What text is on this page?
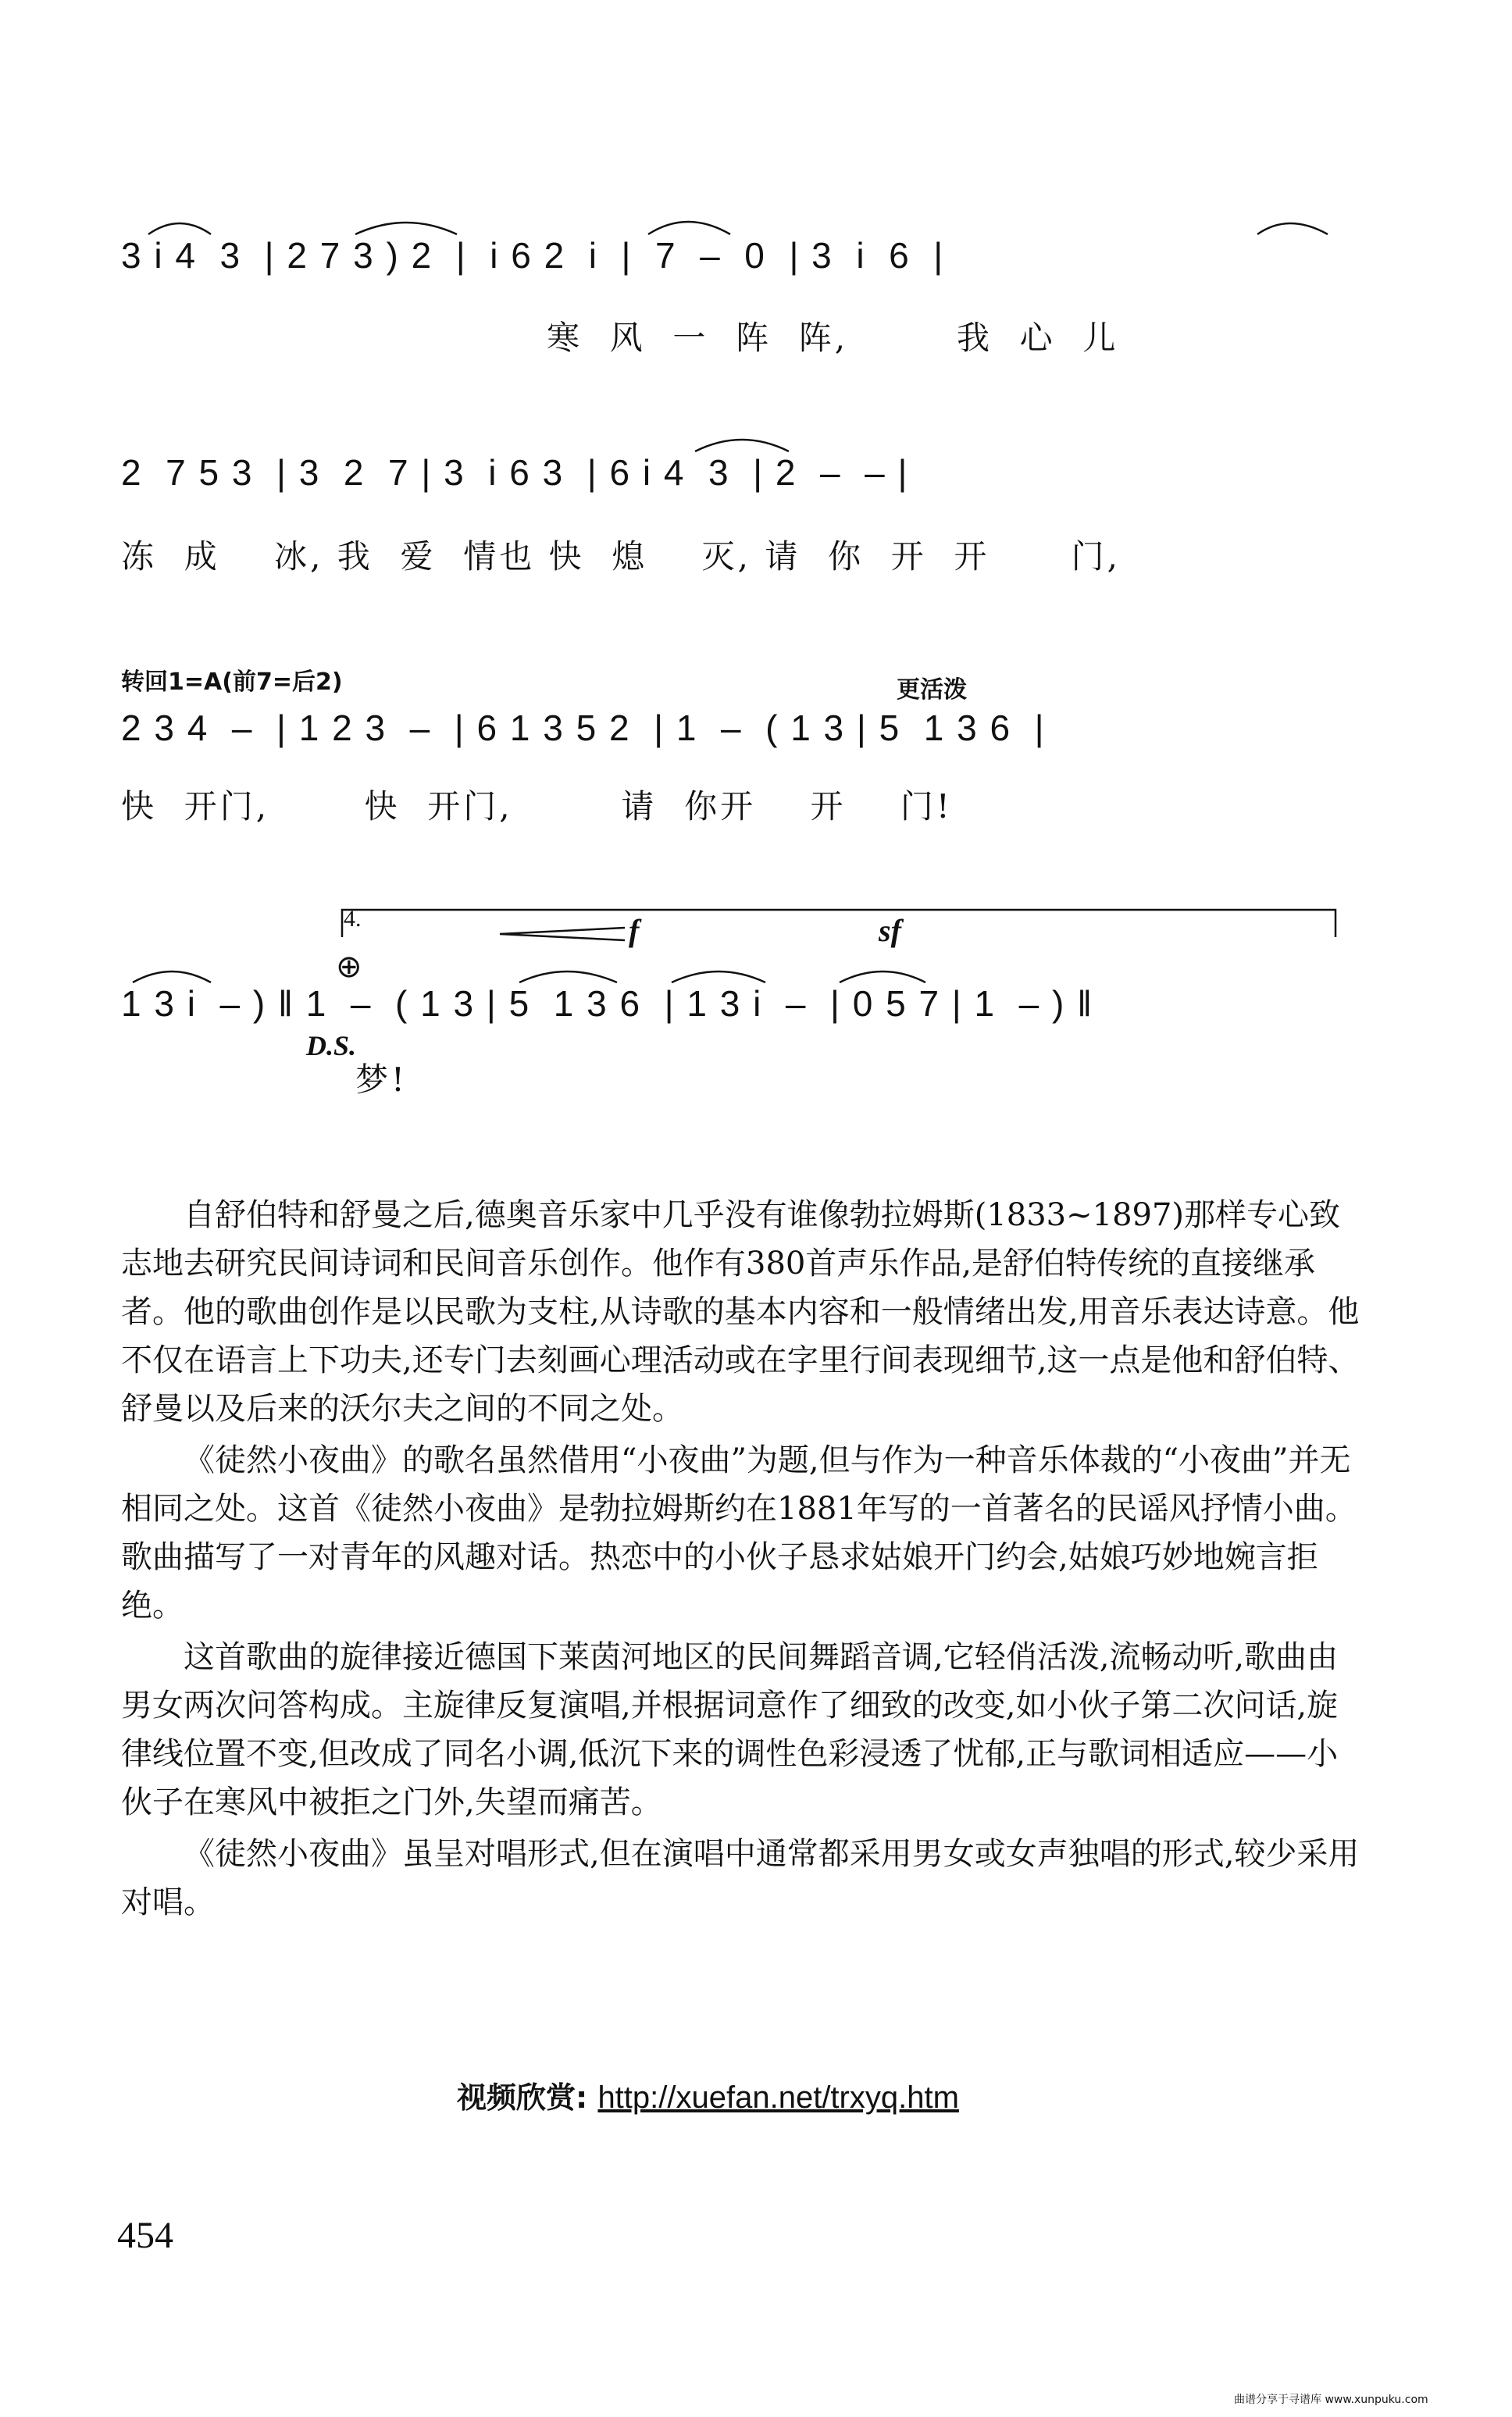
3 i 4  3  | 2 7 3 ) 2  |  i 6 2  i  |  7  –  0  | 3  i  6  |
寒  风  一  阵  阵,        我  心  儿
2  7 5 3  | 3  2  7 | 3  i 6 3  | 6 i 4  3  | 2  –  – |
冻  成    冰, 我  爱  情也 快  熄    灭, 请  你  开  开      门,
转回1=A(前7=后2)	更活泼
2 3 4  –  | 1 2 3  –  | 6 1 3 5 2  | 1  –  ( 1 3 | 5  1 3 6  |
快  开门,       快  开门,        请  你开    开    门!
4.	f	sf
⊕
1 3 i  – ) ‖ 1  –  ( 1 3 | 5  1 3 6  | 1 3 i  –  | 0 5 7 | 1  – ) ‖
D.S.
梦!

自舒伯特和舒曼之后,德奥音乐家中几乎没有谁像勃拉姆斯(1833~1897)那样专心致志地去研究民间诗词和民间音乐创作。他作有380首声乐作品,是舒伯特传统的直接继承者。他的歌曲创作是以民歌为支柱,从诗歌的基本内容和一般情绪出发,用音乐表达诗意。他不仅在语言上下功夫,还专门去刻画心理活动或在字里行间表现细节,这一点是他和舒伯特、舒曼以及后来的沃尔夫之间的不同之处。

《徒然小夜曲》的歌名虽然借用“小夜曲”为题,但与作为一种音乐体裁的“小夜曲”并无相同之处。这首《徒然小夜曲》是勃拉姆斯约在1881年写的一首著名的民谣风抒情小曲。歌曲描写了一对青年的风趣对话。热恋中的小伙子恳求姑娘开门约会,姑娘巧妙地婉言拒绝。

这首歌曲的旋律接近德国下莱茵河地区的民间舞蹈音调,它轻俏活泼,流畅动听,歌曲由男女两次问答构成。主旋律反复演唱,并根据词意作了细致的改变,如小伙子第二次问话,旋律线位置不变,但改成了同名小调,低沉下来的调性色彩浸透了忧郁,正与歌词相适应——小伙子在寒风中被拒之门外,失望而痛苦。

《徒然小夜曲》虽呈对唱形式,但在演唱中通常都采用男女或女声独唱的形式,较少采用对唱。

视频欣赏: http://xuefan.net/trxyq.htm
454
曲谱分享于寻谱库 www.xunpuku.com
